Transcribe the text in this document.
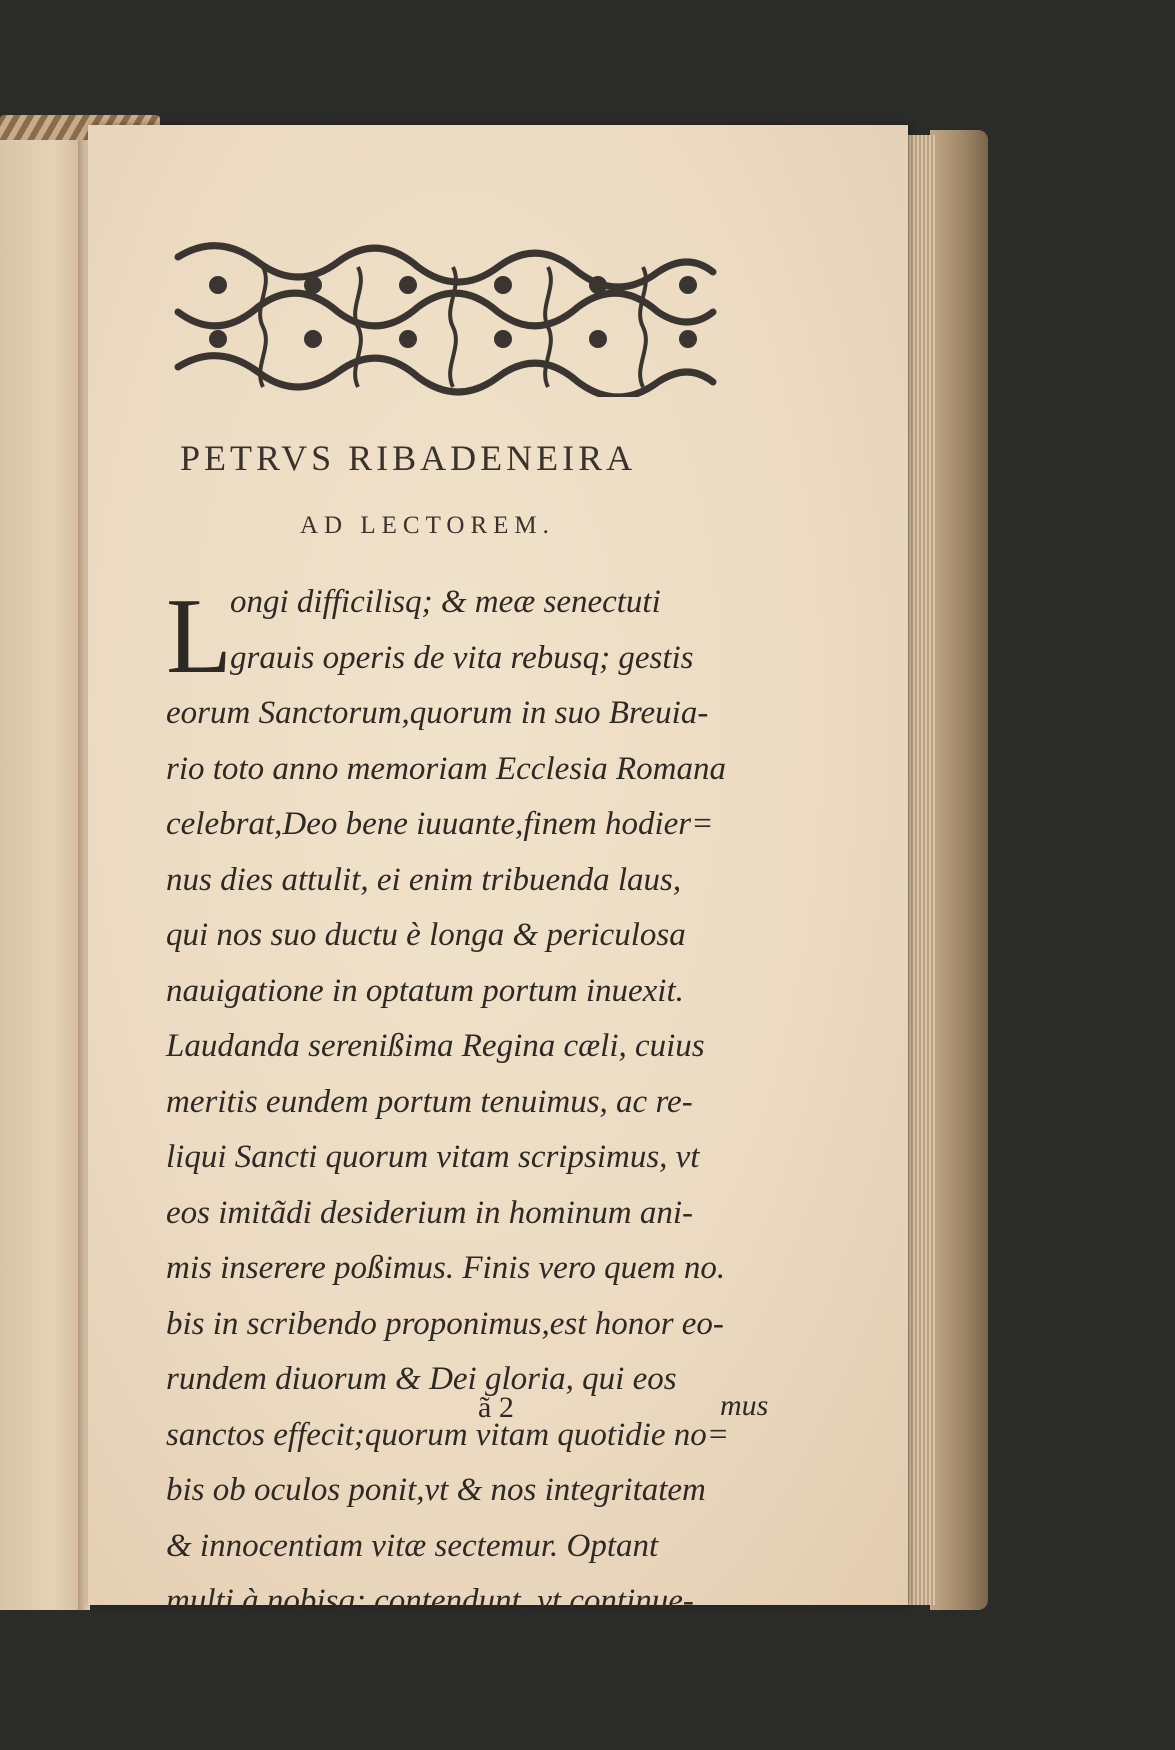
PETRVS RIBADENEIRA
AD LECTOREM.
L
ongi difficilisq; & meæ senectuti
grauis operis de vita rebusq; gestis
eorum Sanctorum,quorum in suo Breuia-
rio toto anno memoriam Ecclesia Romana
celebrat,Deo bene iuuante,finem hodier=
nus dies attulit, ei enim tribuenda laus,
qui nos suo ductu è longa & periculosa
nauigatione in optatum portum inuexit.
Laudanda serenißima Regina cæli, cuius
meritis eundem portum tenuimus, ac re-
liqui Sancti quorum vitam scripsimus, vt
eos imitãdi desiderium in hominum ani-
mis inserere poßimus. Finis vero quem no.
bis in scribendo proponimus,est honor eo-
rundem diuorum & Dei gloria, qui eos
sanctos effecit;quorum vitam quotidie no=
bis ob oculos ponit,vt & nos integritatem
& innocentiam vitæ sectemur. Optant
multi à nobisq; contendunt, vt continue-
ã 2	mus
